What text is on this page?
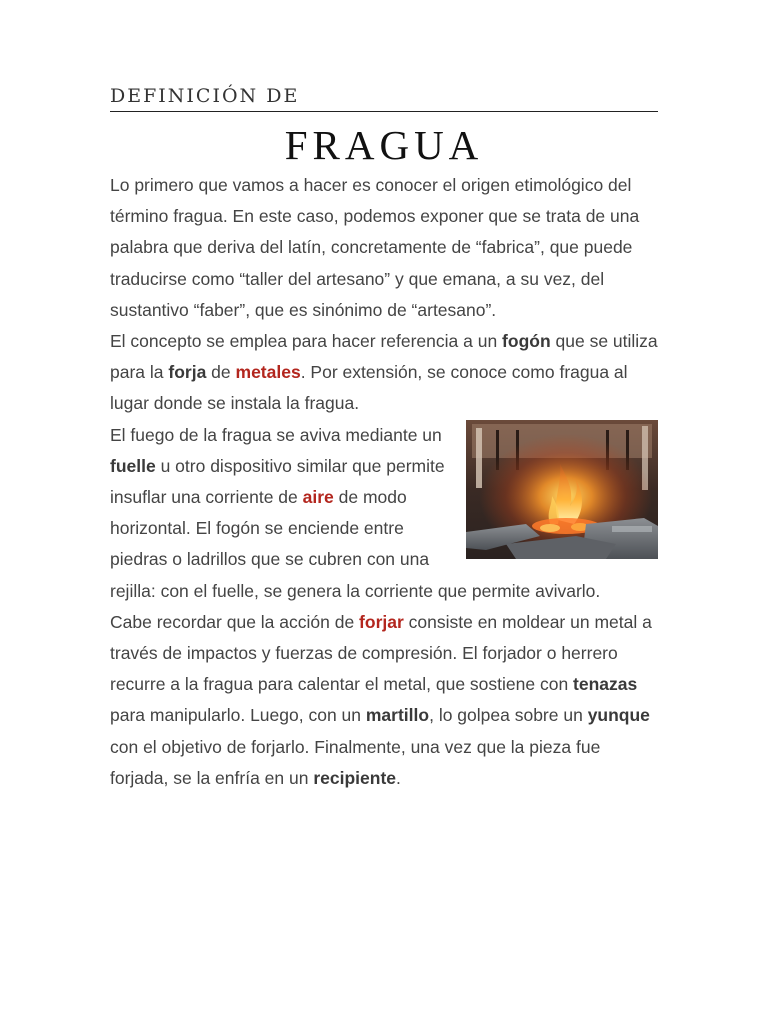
DEFINICIÓN DE
FRAGUA

Lo primero que vamos a hacer es conocer el origen etimológico del término fragua. En este caso, podemos exponer que se trata de una palabra que deriva del latín, concretamente de “fabrica”, que puede traducirse como “taller del artesano” y que emana, a su vez, del sustantivo “faber”, que es sinónimo de “artesano”.

El concepto se emplea para hacer referencia a un fogón que se utiliza para la forja de metales. Por extensión, se conoce como fragua al lugar donde se instala la fragua.

El fuego de la fragua se aviva mediante un fuelle u otro dispositivo similar que permite insuflar una corriente de aire de modo horizontal. El fogón se enciende entre piedras o ladrillos que se cubren con una rejilla: con el fuelle, se genera la corriente que permite avivarlo.

Cabe recordar que la acción de forjar consiste en moldear un metal a través de impactos y fuerzas de compresión. El forjador o herrero recurre a la fragua para calentar el metal, que sostiene con tenazas para manipularlo. Luego, con un martillo, lo golpea sobre un yunque con el objetivo de forjarlo. Finalmente, una vez que la pieza fue forjada, se la enfría en un recipiente.
